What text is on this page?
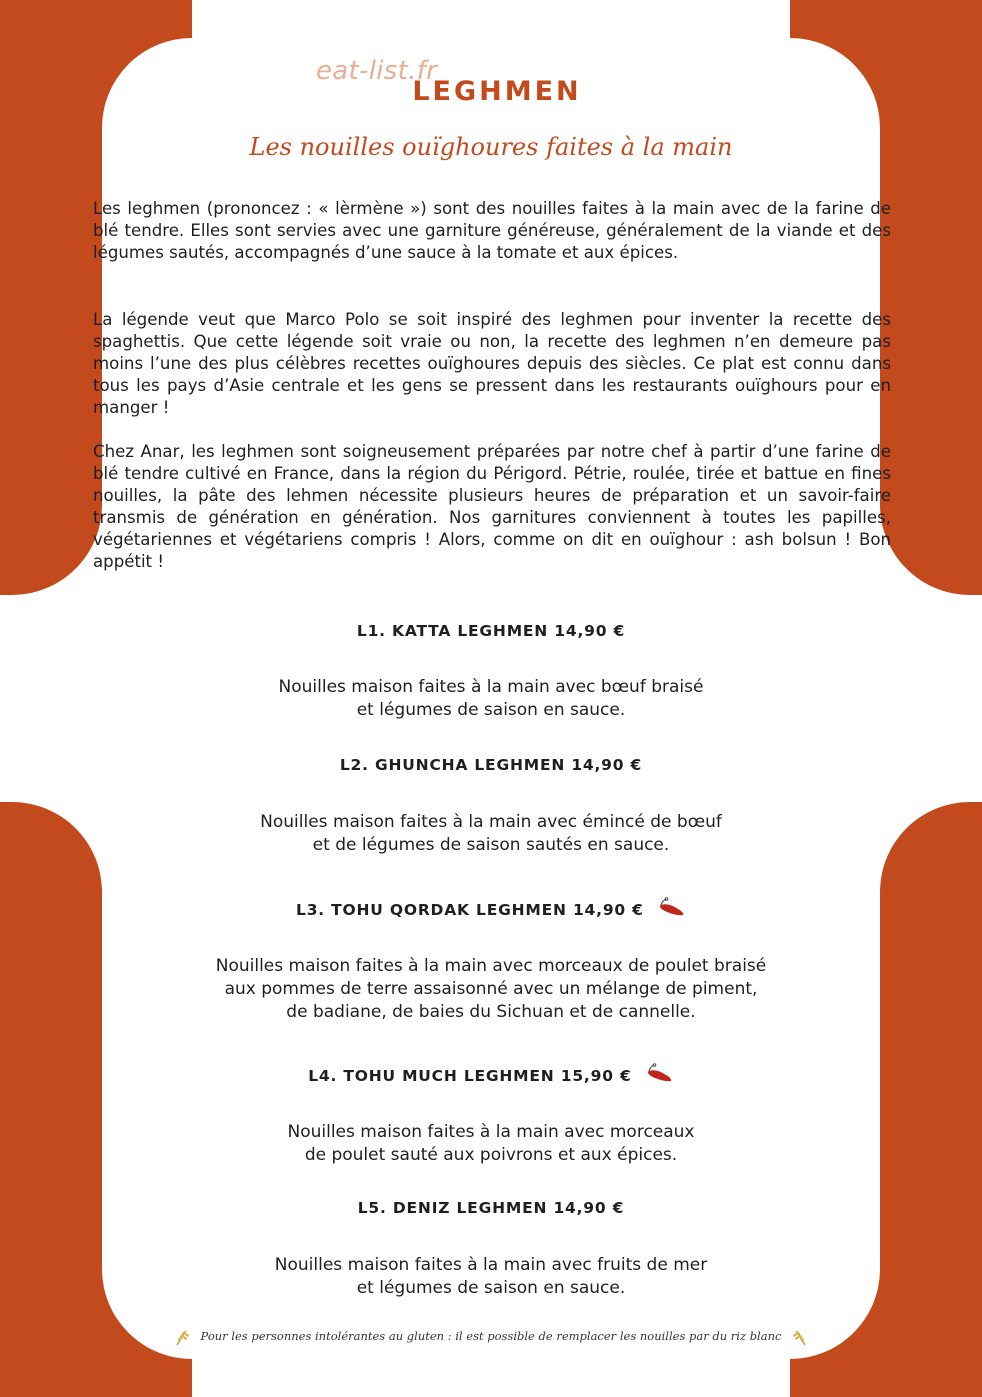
eat-list.fr
LEGHMEN
Les nouilles ouïghoures faites à la main
Les leghmen (prononcez : « lèrmène ») sont des nouilles faites à la main avec de la farine de blé tendre. Elles sont servies avec une garniture généreuse, généralement de la viande et des légumes sautés, accompagnés d’une sauce à la tomate et aux épices.
La légende veut que Marco Polo se soit inspiré des leghmen pour inventer la recette des spaghettis. Que cette légende soit vraie ou non, la recette des leghmen n’en demeure pas moins l’une des plus célèbres recettes ouïghoures depuis des siècles. Ce plat est connu dans tous les pays d’Asie centrale et les gens se pressent dans les restaurants ouïghours pour en manger !
Chez Anar, les leghmen sont soigneusement préparées par notre chef à partir d’une farine de blé tendre cultivé en France, dans la région du Périgord. Pétrie, roulée, tirée et battue en fines nouilles, la pâte des lehmen nécessite plusieurs heures de préparation et un savoir-faire transmis de génération en génération. Nos garnitures conviennent à toutes les papilles, végétariennes et végétariens compris ! Alors, comme on dit en ouïghour : ash bolsun ! Bon appétit !
L1. KATTA LEGHMEN 14,90 €
Nouilles maison faites à la main avec bœuf braisé
et légumes de saison en sauce.
L2. GHUNCHA LEGHMEN 14,90 €
Nouilles maison faites à la main avec émincé de bœuf
et de légumes de saison sautés en sauce.
L3. TOHU QORDAK LEGHMEN 14,90 €
Nouilles maison faites à la main avec morceaux de poulet braisé
aux pommes de terre assaisonné avec un mélange de piment,
de badiane, de baies du Sichuan et de cannelle.
L4. TOHU MUCH LEGHMEN 15,90 €
Nouilles maison faites à la main avec morceaux
de poulet sauté aux poivrons et aux épices.
L5. DENIZ LEGHMEN 14,90 €
Nouilles maison faites à la main avec fruits de mer
et légumes de saison en sauce.
Pour les personnes intolérantes au gluten : il est possible de remplacer les nouilles par du riz blanc
